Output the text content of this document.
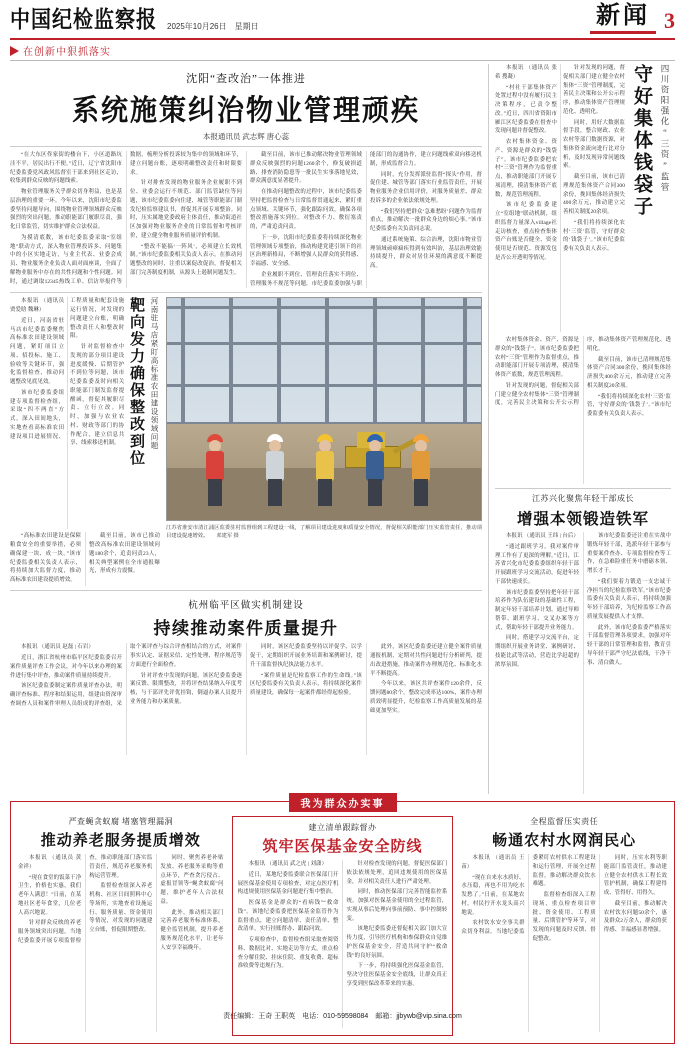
中国纪检监察报 2025年10月26日　星期日	新闻 3
在创新中狠抓落实
沈阳“查改治”一体推进
系统施策纠治物业管理顽疾
本报通讯员 武志辉 唐心蕊

“在大东区佟家街的楼台下，小区道路坑洼不平，居民出行不便。”近日，辽宁省沈阳市纪委监委党风政风监督室干部来到社区走访，收集到群众反映的问题线索。

物业管理服务关乎群众切身利益，也是基层治理的重要一环。今年以来，沈阳市纪委监委坚持问题导向，围绕物业管理领域群众反映强烈的突出问题，推动职能部门履职尽责，强化日常监管，切实维护群众合法权益。

为摸清底数，该市纪委监委采取“室组地”联动方式，深入物业管理投诉多、问题集中的小区实地走访，与业主代表、业委会成员、物业服务企业负责人面对面座谈，全面了解物业服务中存在的共性问题和个性问题。同时，通过调取12345热线工单、信访举报件等数据，梳理分析投诉较为集中的领域和环节，建立问题台账，逐项明确整改责任和时限要求。

针对排查发现的物业服务企业履职不到位、业委会运行不规范、部门监管缺位等问题，该市纪委监委向住建、城管等职能部门制发纪检监察建议书，督促其开展专项整治。同时，压实属地党委政府主体责任，推动街道社区加强对物业服务企业的日常监督和考核评价，建立健全物业服务质量评价机制。

“整改不能搞‘一阵风’，必须建立长效机制。”该市纪委监委相关负责人表示，在推动问题整改的同时，注重以案促改促治，督促相关部门完善制度机制，从源头上遏制问题发生。

截至目前，该市已推动解决物业管理领域群众反映强烈的问题1260余个，修复破损道路、排查消防隐患等一批民生实事落地见效，群众满意度显著提升。

在推动问题整改的过程中，该市纪委监委坚持把监督检查与日常监督贯通起来，紧盯重点领域、关键环节，强化跟踪问效，确保各项整改措施落实到位。对整改不力、敷衍塞责的，严肃追责问责。

下一步，沈阳市纪委监委将持续深化物业管理领域专项整治，推动构建党建引领下的社区治理新格局，不断增强人民群众的获得感、幸福感、安全感。

企业履职不到位、管理责任落实不到位、管理服务不规范等问题，市纪委监委加强与职能部门的沟通协作，建立问题线索双向移送机制，形成监督合力。

同时，充分发挥派驻监督“探头”作用，督促住建、城管等部门落实行业监管责任，开展物业服务企业信用评价，对服务质量差、群众投诉多的企业依法依规处理。

“我们坚持把群众‘急难愁盼’问题作为监督重点，推动解决一批群众身边的烦心事。”该市纪委监委有关负责同志说。

通过系统施策、综合治理，沈阳市物业管理领域顽瘴痼疾得到有效纠治，基层治理效能持续提升，群众对居住环境的满意度不断提高。

河南驻马店紧盯高标准农田建设领域问题
靶向发力确保整改到位

本报讯 （通讯员 贾爱晗 魏琳）

近日，河南省驻马店市纪委监委聚焦高标准农田建设领域问题，紧盯项目立项、招投标、施工、验收等关键环节，强化监督检查，推动问题整改见底见效。

该市纪委监委组建专项监督检查组，采取“四不两直”方式，深入田间地头，实地查看高标准农田建设项目进展情况、工程质量和配套设施运行情况，对发现的问题建立台账，明确整改责任人和整改时限。

针对监督检查中发现的部分项目建设进度缓慢、后期管护不到位等问题，该市纪委监委及时向相关职能部门制发监督提醒函，督促其履职尽责、立行立改。同时，加强与农业农村、财政等部门的协作配合，建立信息共享、线索移送机制。

“高标准农田建设是保障粮食安全的重要举措，必须确保建一块、成一块。”该市纪委监委相关负责人表示，将持续加大监督力度，推动高标准农田建设提质增效。

截至目前，该市已推动整改高标准农田建设领域问题180余个，追责问责23人，相关典型案例在全市通报曝光，形成有力震慑。

江苏省淮安市清江浦区监委驻村监督组到工程建设一线，了解项目建设进度和质量安全情况，督促相关职能部门压实监管责任，推动项目建设提速增效。　　邓建军 摄
杭州临平区做实机制建设
持续推动案件质量提升

本报讯 （通讯员 赵磊 | 石岩）

近日，浙江省杭州市临平区纪委监委召开案件质量评查工作会议，对今年以来办理的案件进行集中评查，推动案件质量持续提升。

该区纪委监委制定案件质量评查办法，明确评查标准、程序和结果运用，组建由资深审查调查人员和案件审理人员组成的评查组，采取个案评查与综合评查相结合的方式，对案件事实认定、证据采信、定性处理、程序规范等方面进行全面检查。

针对评查中发现的问题，该区纪委监委逐案反馈、限期整改，并将评查结果纳入年度考核，与干部评先评优挂钩，倒逼办案人员提升业务能力和办案质量。

同时，该区纪委监委坚持以评促学、以学促干，定期组织开展业务培训和案例研讨，提升干部监督执纪执法能力水平。

“案件质量是纪检监察工作的生命线。”该区纪委监委有关负责人表示，将持续深化案件质量建设，确保每一起案件都经得起检验。

此外，该区纪委监委还建立健全案件质量通报机制，定期对共性问题进行分析研判，提出改进措施，推动案件办理规范化、标准化水平不断提高。

今年以来，该区共评查案件120余件，反馈问题80余个，整改完成率达100%，案件办理质效明显提升，纪检监察工作高质量发展的基础更加坚实。

四川资阳强化“三资”监管
守好集体钱袋子

本报讯 （通讯员 张希 搜凝）

“村社干部集体资产处置过程中没有履行民主决策程序，已责令整改。”近日，四川省资阳市雁江区纪委监委在督查中发现问题并督促整改。

农村集体资金、资产、资源是群众的“钱袋子”。该市纪委监委把农村“三资”管理作为监督重点，推动职能部门开展专项清理，摸清集体资产底数，规范管理流程。

该市纪委监委建立“室组地”联动机制，组织监督力量深入village社走访核查，重点检查集体资产台账是否健全、资金使用是否规范、资源发包是否公开透明等情况。

针对发现的问题，督促相关部门建立健全农村集体“三资”管理制度，完善民主决策和公开公示程序，推动集体资产管理规范化、透明化。

同时，用好大数据监督手段，整合财政、农业农村等部门数据资源，对集体资金流向进行比对分析，及时发现异常问题线索。

截至目前，该市已清理规范集体资产合同300余份，挽回集体经济损失400余万元，推动建立完善相关制度20余项。

“我们将持续深化农村‘三资’监管，守好群众的‘钱袋子’。”该市纪委监委有关负责人表示。

农村集体资金、资产、资源是群众的“钱袋子”。该市纪委监委把农村“三资”管理作为监督重点，推动职能部门开展专项清理，摸清集体资产底数，规范管理流程。

针对发现的问题，督促相关部门建立健全农村集体“三资”管理制度，完善民主决策和公开公示程序，推动集体资产管理规范化、透明化。

截至目前，该市已清理规范集体资产合同300余份，挽回集体经济损失400余万元，推动建立完善相关制度20余项。

“我们将持续深化农村‘三资’监管，守好群众的‘钱袋子’。”该市纪委监委有关负责人表示。

江苏兴化聚焦年轻干部成长
增强本领锻造铁军

本报讯 （通讯员 王纬 | 台后）

“通过跟班学习，我对案件审理工作有了更深的理解。”近日，江苏省兴化市纪委监委组织年轻干部开展跟班学习交流活动，促进年轻干部快速成长。

该市纪委监委坚持把年轻干部培养作为队伍建设的基础性工程，制定年轻干部培养计划，通过导师帮带、跟班学习、交叉办案等方式，帮助年轻干部提升业务能力。

同时，搭建学习交流平台，定期组织开展业务讲堂、案例研讨、技能比武等活动，营造比学赶超的浓厚氛围。

该市纪委监委还注重在实战中锻炼年轻干部，选派年轻干部参与重要案件查办、专项监督检查等工作，在急难险重任务中磨砺本领、增长才干。

“我们要着力锻造一支忠诚干净担当的纪检监察铁军。”该市纪委监委有关负责人表示，将持续加强年轻干部培养，为纪检监察工作高质量发展提供人才支撑。

此外，该市纪委监委严格落实干部监督管理各项要求，加强对年轻干部的日常管理和监督，教育引导年轻干部严守纪法底线，干净干事、清白做人。

我为群众办实事
严查蝇贪蚁腐 堵塞管理漏洞
推动养老服务提质增效

本报讯 （通讯员 黄金祥）

“现在食堂的饭菜干净卫生，价格也实惠，我们老年人满意！”日前，在某地社区老年食堂，几位老人高兴地说。

针对群众反映的养老服务领域突出问题，当地纪委监委开展专项监督检查，推动职能部门落实监管责任，规范养老服务机构运营管理。

监督检查组深入养老机构、社区日间照料中心等场所，实地查看设施运行、服务质量、资金使用等情况，对发现的问题建立台账，督促限期整改。

同时，聚焦养老补贴发放、养老服务采购等重点环节，严查贪污侵占、虚报冒领等“蝇贪蚁腐”问题，维护老年人合法权益。

此外，推动相关部门完善养老服务标准体系，健全监管机制，提升养老服务规范化水平，让老年人安享幸福晚年。

建立清单跟踪督办
筑牢医保基金安全防线

本报讯 （通讯员 武之虎 | 刘潇）

近日，某地纪委监委联合医保部门开展医保基金使用专项检查，对定点医疗机构违规使用医保基金问题进行集中整治。

医保基金是群众的“看病钱”“救命钱”。该地纪委监委把医保基金监管作为监督重点，建立问题清单、责任清单、整改清单，实行挂账督办、跟踪问效。

专项检查中，监督检查组采取查阅资料、数据比对、实地走访等方式，重点检查分解住院、挂床住院、重复收费、超标准收费等违规行为。

针对检查发现的问题，督促医保部门依法依规处理，追回违规使用的医保基金，并对相关责任人进行严肃处理。

同时，推动医保部门完善智能监控系统，加强对医保基金使用的全过程监管，实现从事后处理向事前预防、事中控制转变。

该地纪委监委还督促相关部门加大宣传力度，引导医疗机构和参保群众自觉维护医保基金安全，营造共同守护“救命钱”的良好氛围。

下一步，将持续强化医保基金监管，坚决守住医保基金安全底线，让群众真正享受到医保改革带来的实惠。

全程监督压实责任
畅通农村水网润民心

本报讯 （通讯员 王苗）

“现在自来水水质好、水压稳，再也不用为吃水发愁了。”日前，在某地农村，村民拧开水龙头高兴地说。

农村饮水安全事关群众切身利益。当地纪委监委紧盯农村供水工程建设和运行管理，开展全过程监督，推动解决群众饮水难题。

监督检查组深入工程现场，重点检查项目审批、资金使用、工程质量、后期管护等环节，对发现的问题及时反馈、督促整改。

同时，压实水利等职能部门监管责任，推动建立健全农村供水工程长效管护机制，确保工程建得成、管得好、用得久。

截至目前，推动解决农村饮水问题50余个，惠及群众2万余人，群众的获得感、幸福感显著增强。

责任编辑：王奇 王职英　电话：010-59598084　邮箱：jjbywb@vip.sina.com
